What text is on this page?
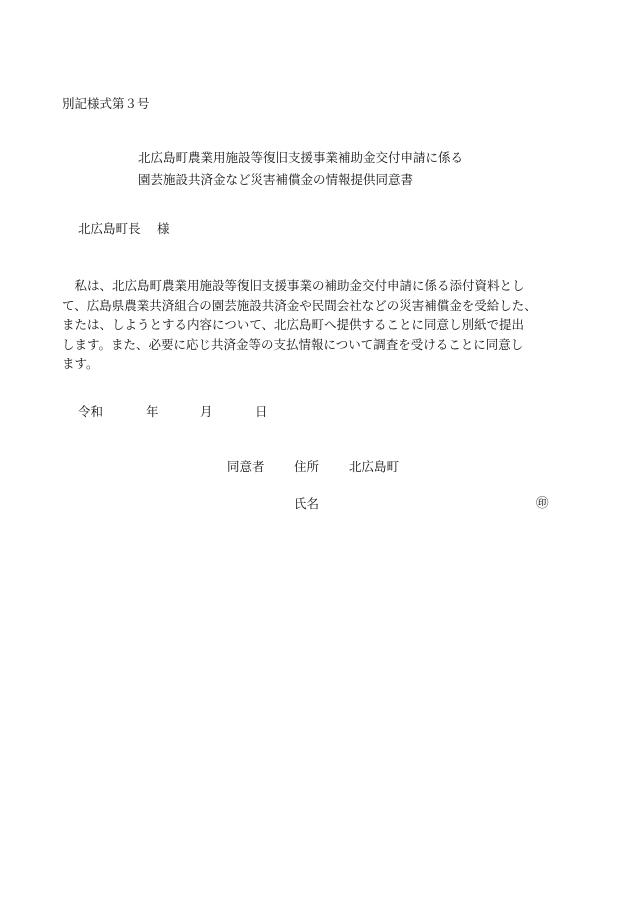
別記様式第３号
北広島町農業用施設等復旧支援事業補助金交付申請に係る
園芸施設共済金など災害補償金の情報提供同意書
北広島町長　 様
　私は、北広島町農業用施設等復旧支援事業の補助金交付申請に係る添付資料とし
て、広島県農業共済組合の園芸施設共済金や民間会社などの災害補償金を受給した、
または、しようとする内容について、北広島町へ提供することに同意し別紙で提出
します。また、必要に応じ共済金等の支払情報について調査を受けることに同意し
ます。
令和	年	月	日
同意者 住所 北広島町
氏名	㊞
